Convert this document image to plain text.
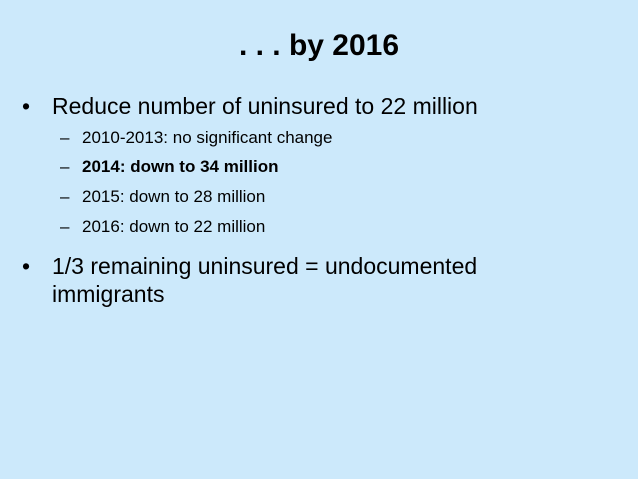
. . . by 2016
• Reduce number of uninsured to 22 million
– 2010-2013: no significant change
– 2014: down to 34 million
– 2015: down to 28 million
– 2016: down to 22 million
• 1/3 remaining uninsured = undocumented
immigrants
